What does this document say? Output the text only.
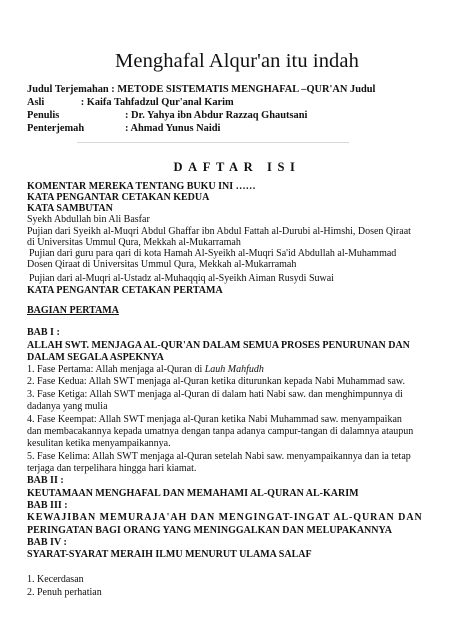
Menghafal Alqur'an itu indah
Judul Terjemahan : METODE SISTEMATIS MENGHAFAL –QUR'AN Judul
Asli              : Kaifa Tahfadzul Qur'anal Karim
Penulis	: Dr. Yahya ibn Abdur Razzaq Ghautsani
Penterjemah	: Ahmad Yunus Naidi
DAFTAR ISI
KOMENTAR MEREKA TENTANG BUKU INI ……
KATA PENGANTAR CETAKAN KEDUA
KATA SAMBUTAN
Syekh Abdullah bin Ali Basfar
Pujian dari Syeikh al-Muqri Abdul Ghaffar ibn Abdul Fattah al-Durubi al-Himshi, Dosen Qiraat
di Universitas Ummul Qura, Mekkah al-Mukarramah
Pujian dari guru para qari di kota Hamah Al-Syeikh al-Muqri Sa'id Abdullah al-Muhammad
Dosen Qiraat di Universitas Ummul Qura, Mekkah al-Mukarramah
Pujian dari al-Muqri al-Ustadz al-Muhaqqiq al-Syeikh Aiman Rusydi Suwai
KATA PENGANTAR CETAKAN PERTAMA
BAGIAN PERTAMA
BAB I :
ALLAH SWT. MENJAGA AL-QUR'AN DALAM SEMUA PROSES PENURUNAN DAN
DALAM SEGALA ASPEKNYA
1. Fase Pertama: Allah menjaga al-Quran di Lauh Mahfudh
2. Fase Kedua: Allah SWT menjaga al-Quran ketika diturunkan kepada Nabi Muhammad saw.
3. Fase Ketiga: Allah SWT menjaga al-Quran di dalam hati Nabi saw. dan menghimpunnya di
dadanya yang mulia
4. Fase Keempat: Allah SWT menjaga al-Quran ketika Nabi Muhammad saw. menyampaikan
dan membacakannya kepada umatnya dengan tanpa adanya campur-tangan di dalamnya ataupun
kesulitan ketika menyampaikannya.
5. Fase Kelima: Allah SWT menjaga al-Quran setelah Nabi saw. menyampaikannya dan ia tetap
terjaga dan terpelihara hingga hari kiamat.
BAB II :
KEUTAMAAN MENGHAFAL DAN MEMAHAMI AL-QURAN AL-KARIM
BAB III :
KEWAJIBAN MEMURAJA'AH DAN MENGINGAT-INGAT AL-QURAN DAN
PERINGATAN BAGI ORANG YANG MENINGGALKAN DAN MELUPAKANNYA
BAB IV :
SYARAT-SYARAT MERAIH ILMU MENURUT ULAMA SALAF
1. Kecerdasan
2. Penuh perhatian
